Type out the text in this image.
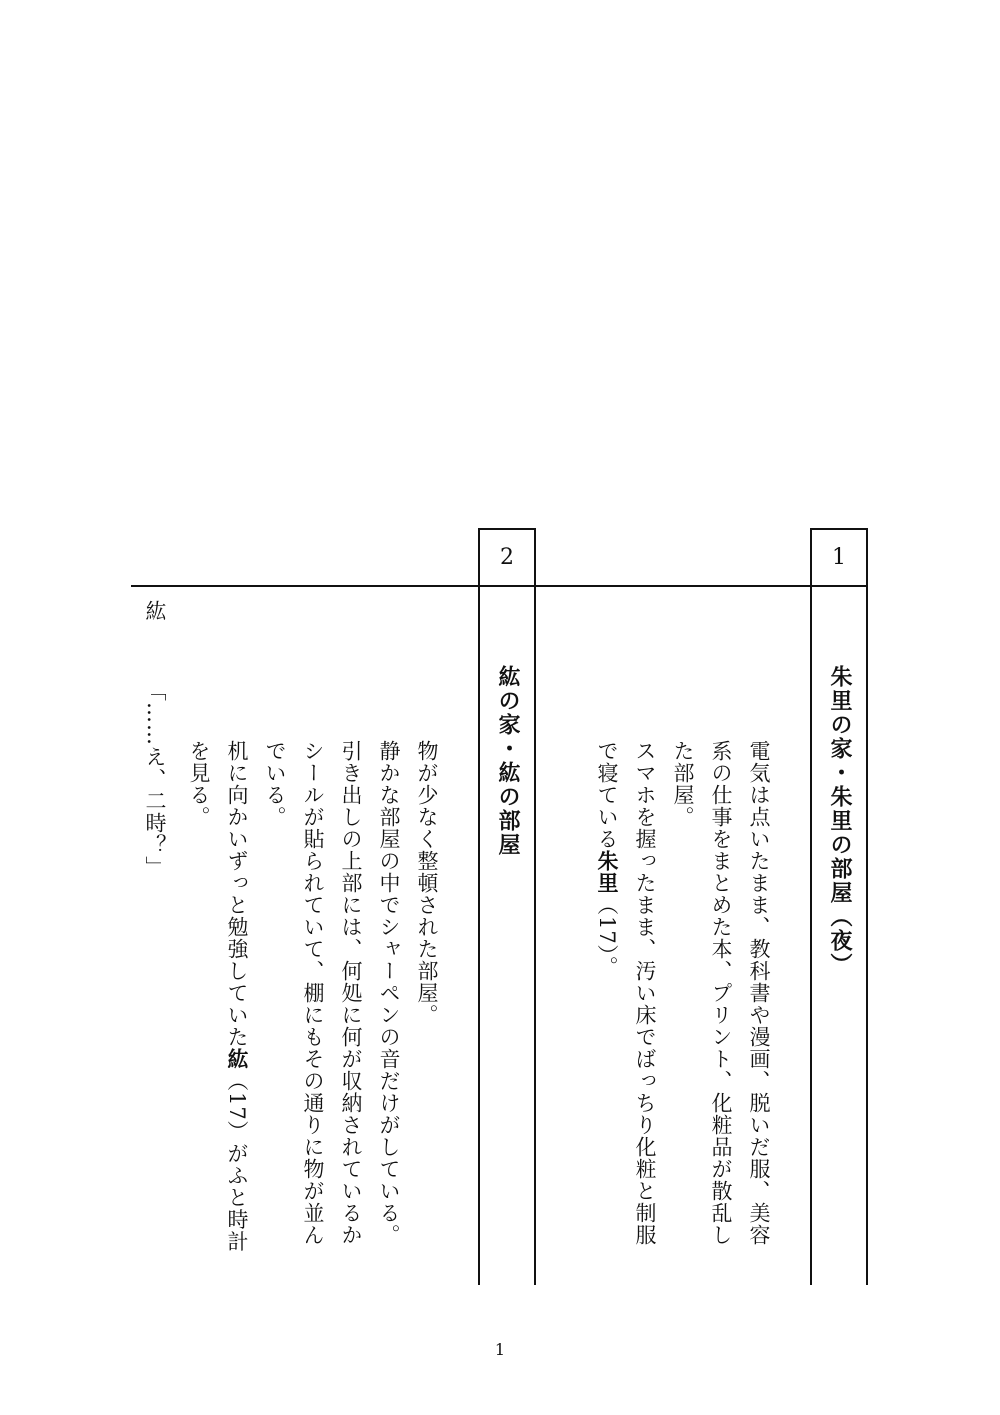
1
2
朱里の家・朱里の部屋（夜）
電気は点いたまま、教科書や漫画、脱いだ服、美容
系の仕事をまとめた本、プリント、化粧品が散乱し
た部屋。
スマホを握ったまま、汚い床でばっちり化粧と制服
で寝ている朱里（17）。
紘の家・紘の部屋
物が少なく整頓された部屋。
静かな部屋の中でシャーペンの音だけがしている。
引き出しの上部には、何処に何が収納されているか
シールが貼られていて、棚にもその通りに物が並ん
でいる。
机に向かいずっと勉強していた紘（17）がふと時計
を見る。
紘
「……え、二時？」
1
